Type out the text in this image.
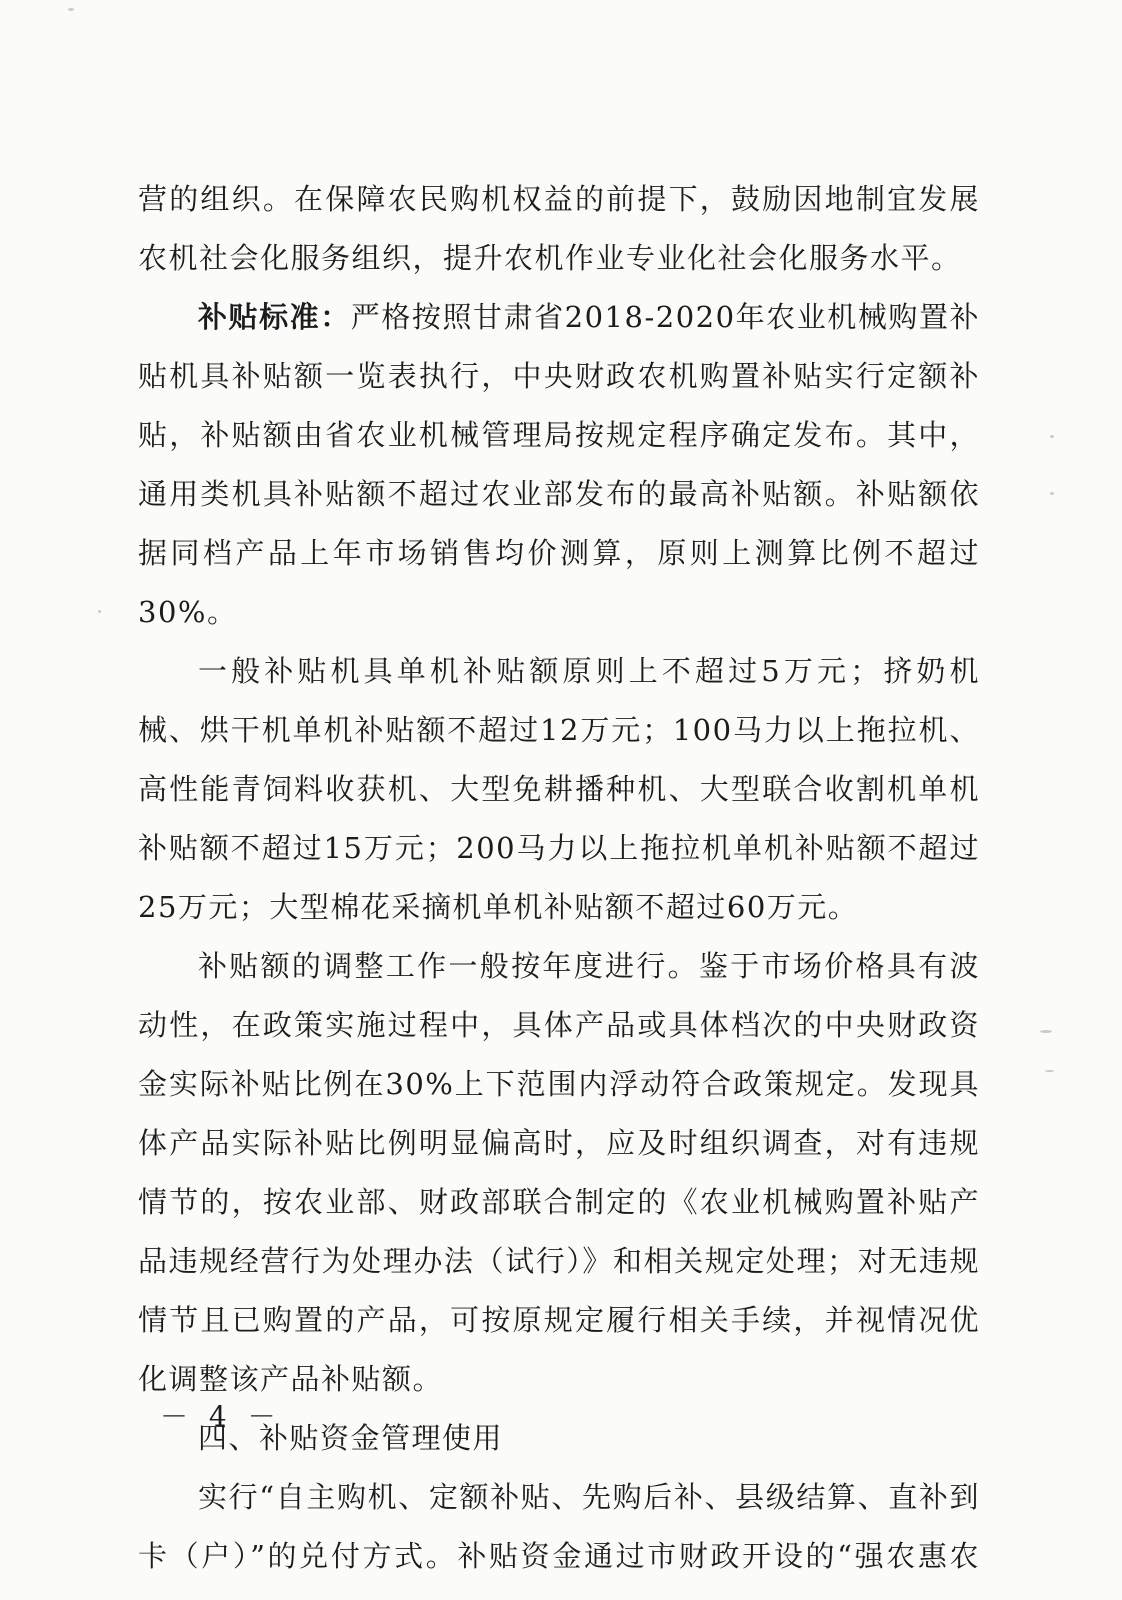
营的组织。在保障农民购机权益的前提下，鼓励因地制宜发展农机社会化服务组织，提升农机作业专业化社会化服务水平。

补贴标准：严格按照甘肃省2018-2020年农业机械购置补贴机具补贴额一览表执行，中央财政农机购置补贴实行定额补贴，补贴额由省农业机械管理局按规定程序确定发布。其中，通用类机具补贴额不超过农业部发布的最高补贴额。补贴额依据同档产品上年市场销售均价测算，原则上测算比例不超过30%。

一般补贴机具单机补贴额原则上不超过5万元；挤奶机械、烘干机单机补贴额不超过12万元；100马力以上拖拉机、高性能青饲料收获机、大型免耕播种机、大型联合收割机单机补贴额不超过15万元；200马力以上拖拉机单机补贴额不超过25万元；大型棉花采摘机单机补贴额不超过60万元。

补贴额的调整工作一般按年度进行。鉴于市场价格具有波动性，在政策实施过程中，具体产品或具体档次的中央财政资金实际补贴比例在30%上下范围内浮动符合政策规定。发现具体产品实际补贴比例明显偏高时，应及时组织调查，对有违规情节的，按农业部、财政部联合制定的《农业机械购置补贴产品违规经营行为处理办法（试行）》和相关规定处理；对无违规情节且已购置的产品，可按原规定履行相关手续，并视情况优化调整该产品补贴额。

四、补贴资金管理使用

实行“自主购机、定额补贴、先购后补、县级结算、直补到卡（户）”的兑付方式。补贴资金通过市财政开设的“强农惠农

－ 4 －
